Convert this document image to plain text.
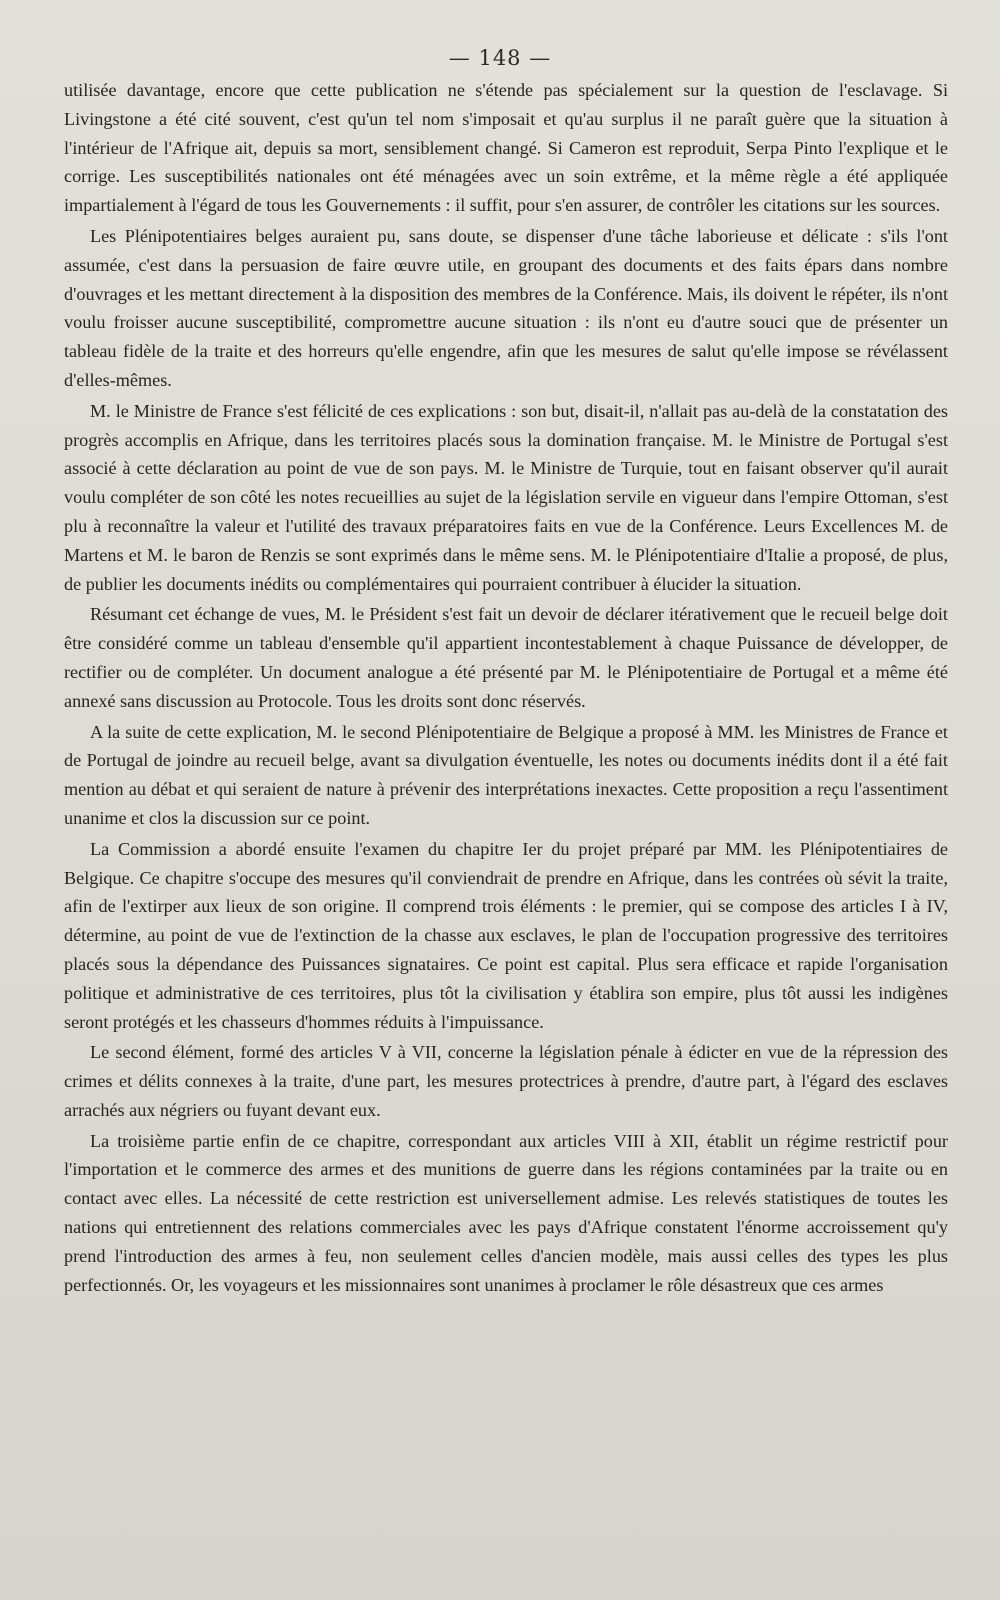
— 148 —

utilisée davantage, encore que cette publication ne s'étende pas spécialement sur la question de l'esclavage. Si Livingstone a été cité souvent, c'est qu'un tel nom s'imposait et qu'au surplus il ne paraît guère que la situation à l'intérieur de l'Afrique ait, depuis sa mort, sensiblement changé. Si Cameron est reproduit, Serpa Pinto l'explique et le corrige. Les susceptibilités nationales ont été ménagées avec un soin extrême, et la même règle a été appliquée impartialement à l'égard de tous les Gouvernements : il suffit, pour s'en assurer, de contrôler les citations sur les sources.

Les Plénipotentiaires belges auraient pu, sans doute, se dispenser d'une tâche laborieuse et délicate : s'ils l'ont assumée, c'est dans la persuasion de faire œuvre utile, en groupant des documents et des faits épars dans nombre d'ouvrages et les mettant directement à la disposition des membres de la Conférence. Mais, ils doivent le répéter, ils n'ont voulu froisser aucune susceptibilité, compromettre aucune situation : ils n'ont eu d'autre souci que de présenter un tableau fidèle de la traite et des horreurs qu'elle engendre, afin que les mesures de salut qu'elle impose se révélassent d'elles-mêmes.

M. le Ministre de France s'est félicité de ces explications : son but, disait-il, n'allait pas au-delà de la constatation des progrès accomplis en Afrique, dans les territoires placés sous la domination française. M. le Ministre de Portugal s'est associé à cette déclaration au point de vue de son pays. M. le Ministre de Turquie, tout en faisant observer qu'il aurait voulu compléter de son côté les notes recueillies au sujet de la législation servile en vigueur dans l'empire Ottoman, s'est plu à reconnaître la valeur et l'utilité des travaux préparatoires faits en vue de la Conférence. Leurs Excellences M. de Martens et M. le baron de Renzis se sont exprimés dans le même sens. M. le Plénipotentiaire d'Italie a proposé, de plus, de publier les documents inédits ou complémentaires qui pourraient contribuer à élucider la situation.

Résumant cet échange de vues, M. le Président s'est fait un devoir de déclarer itérativement que le recueil belge doit être considéré comme un tableau d'ensemble qu'il appartient incontestablement à chaque Puissance de développer, de rectifier ou de compléter. Un document analogue a été présenté par M. le Plénipotentiaire de Portugal et a même été annexé sans discussion au Protocole. Tous les droits sont donc réservés.

A la suite de cette explication, M. le second Plénipotentiaire de Belgique a proposé à MM. les Ministres de France et de Portugal de joindre au recueil belge, avant sa divulgation éventuelle, les notes ou documents inédits dont il a été fait mention au débat et qui seraient de nature à prévenir des interprétations inexactes. Cette proposition a reçu l'assentiment unanime et clos la discussion sur ce point.

La Commission a abordé ensuite l'examen du chapitre Ier du projet préparé par MM. les Plénipotentiaires de Belgique. Ce chapitre s'occupe des mesures qu'il conviendrait de prendre en Afrique, dans les contrées où sévit la traite, afin de l'extirper aux lieux de son origine. Il comprend trois éléments : le premier, qui se compose des articles I à IV, détermine, au point de vue de l'extinction de la chasse aux esclaves, le plan de l'occupation progressive des territoires placés sous la dépendance des Puissances signataires. Ce point est capital. Plus sera efficace et rapide l'organisation politique et administrative de ces territoires, plus tôt la civilisation y établira son empire, plus tôt aussi les indigènes seront protégés et les chasseurs d'hommes réduits à l'impuissance.

Le second élément, formé des articles V à VII, concerne la législation pénale à édicter en vue de la répression des crimes et délits connexes à la traite, d'une part, les mesures protectrices à prendre, d'autre part, à l'égard des esclaves arrachés aux négriers ou fuyant devant eux.

La troisième partie enfin de ce chapitre, correspondant aux articles VIII à XII, établit un régime restrictif pour l'importation et le commerce des armes et des munitions de guerre dans les régions contaminées par la traite ou en contact avec elles. La nécessité de cette restriction est universellement admise. Les relevés statistiques de toutes les nations qui entretiennent des relations commerciales avec les pays d'Afrique constatent l'énorme accroissement qu'y prend l'introduction des armes à feu, non seulement celles d'ancien modèle, mais aussi celles des types les plus perfectionnés. Or, les voyageurs et les missionnaires sont unanimes à proclamer le rôle désastreux que ces armes
